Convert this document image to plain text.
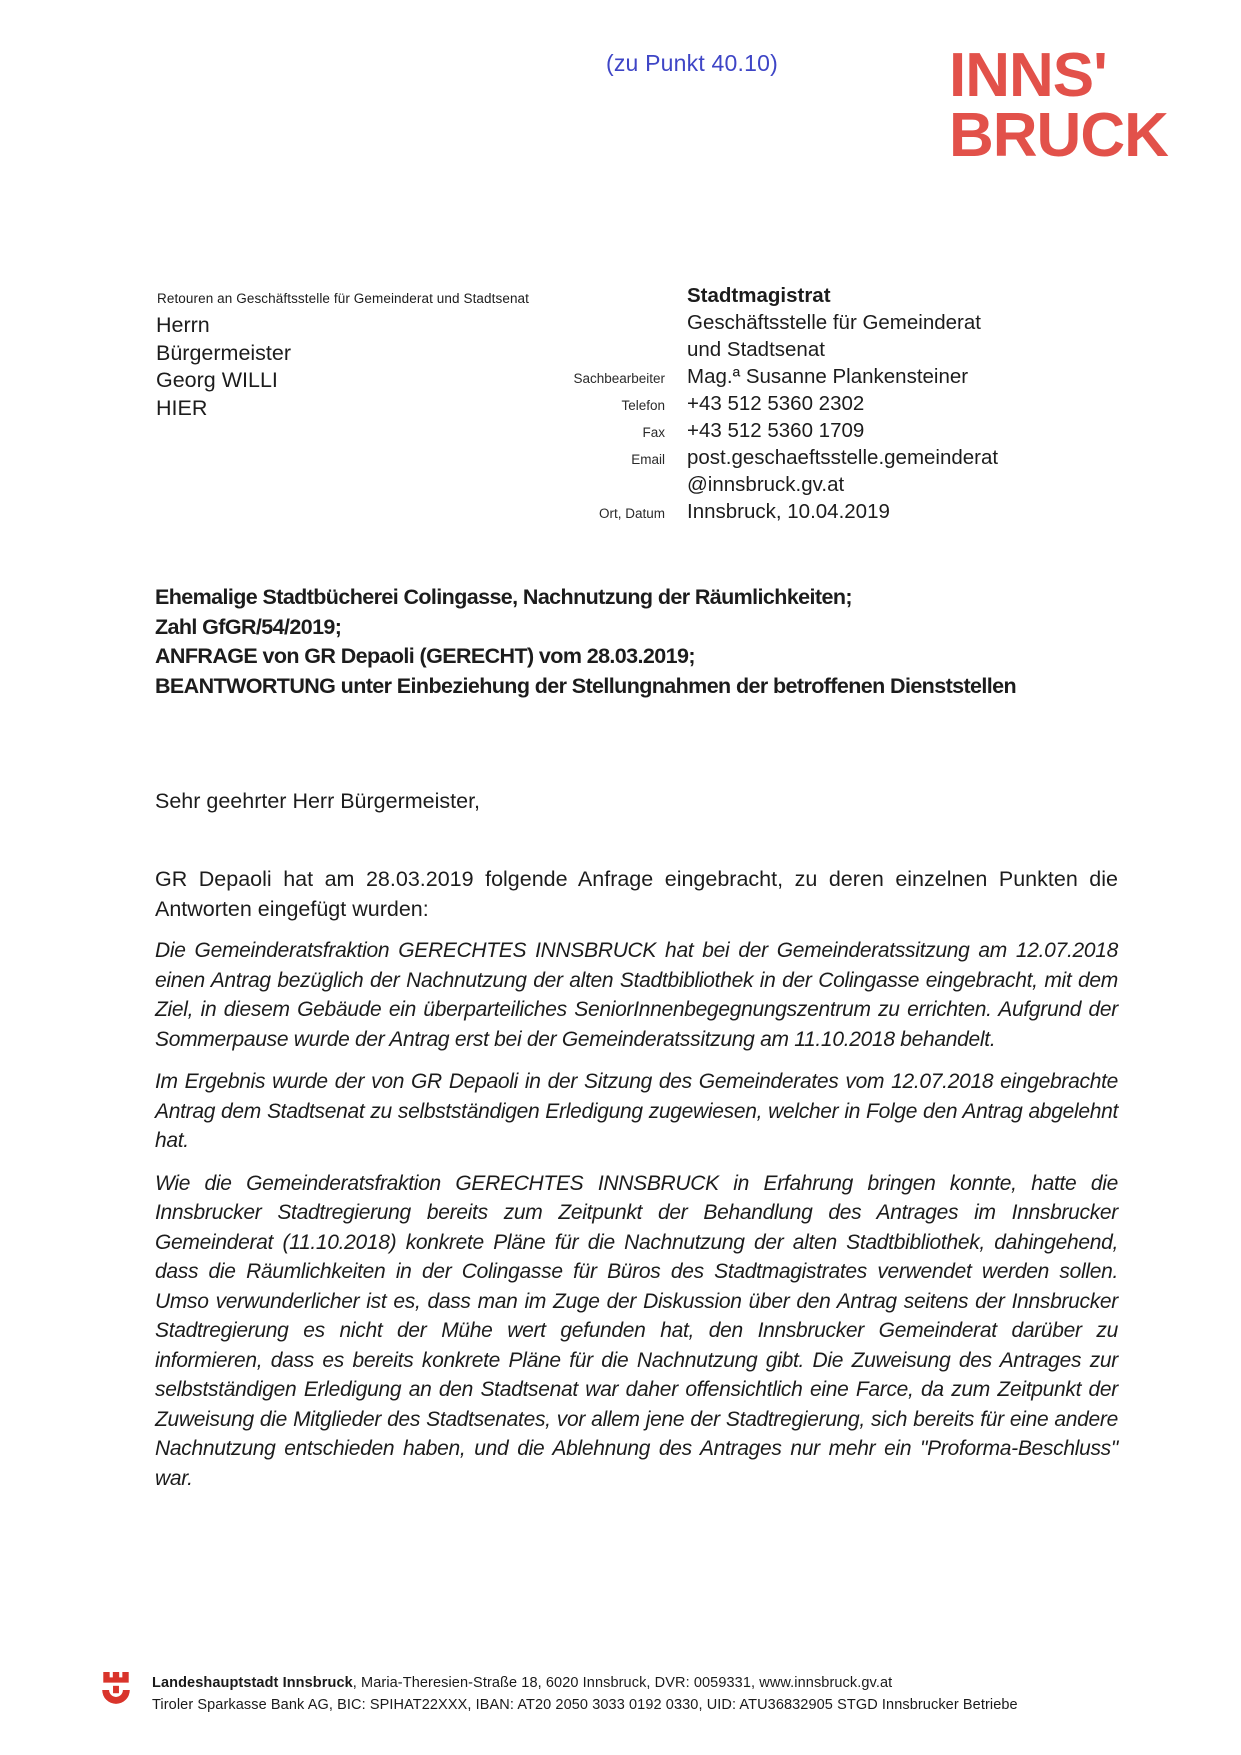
(zu Punkt 40.10)	INNS'
BRUCK
Retouren an Geschäftsstelle für Gemeinderat und Stadtsenat
Herrn
Bürgermeister
Georg WILLI
HIER
Stadtmagistrat
Geschäftsstelle für Gemeinderat
und Stadtsenat
Sachbearbeiter Mag.ª Susanne Plankensteiner
Telefon +43 512 5360 2302
Fax +43 512 5360 1709
Email post.geschaeftsstelle.gemeinderat
@innsbruck.gv.at
Ort, Datum Innsbruck, 10.04.2019
Ehemalige Stadtbücherei Colingasse, Nachnutzung der Räumlichkeiten;
Zahl GfGR/54/2019;
ANFRAGE von GR Depaoli (GERECHT) vom 28.03.2019;
BEANTWORTUNG unter Einbeziehung der Stellungnahmen der betroffenen Dienststellen
Sehr geehrter Herr Bürgermeister,
GR Depaoli hat am 28.03.2019 folgende Anfrage eingebracht, zu deren einzelnen Punkten die Antworten eingefügt wurden:

Die Gemeinderatsfraktion GERECHTES INNSBRUCK hat bei der Gemeinderatssitzung am 12.07.2018 einen Antrag bezüglich der Nachnutzung der alten Stadtbibliothek in der Colingasse eingebracht, mit dem Ziel, in diesem Gebäude ein überparteiliches SeniorInnenbegegnungszentrum zu errichten. Aufgrund der Sommerpause wurde der Antrag erst bei der Gemeinderatssitzung am 11.10.2018 behandelt.

Im Ergebnis wurde der von GR Depaoli in der Sitzung des Gemeinderates vom 12.07.2018 eingebrachte Antrag dem Stadtsenat zu selbstständigen Erledigung zugewiesen, welcher in Folge den Antrag abgelehnt hat.

Wie die Gemeinderatsfraktion GERECHTES INNSBRUCK in Erfahrung bringen konnte, hatte die Innsbrucker Stadtregierung bereits zum Zeitpunkt der Behandlung des Antrages im Innsbrucker Gemeinderat (11.10.2018) konkrete Pläne für die Nachnutzung der alten Stadtbibliothek, dahingehend, dass die Räumlichkeiten in der Colingasse für Büros des Stadtmagistrates verwendet werden sollen. Umso verwunderlicher ist es, dass man im Zuge der Diskussion über den Antrag seitens der Innsbrucker Stadtregierung es nicht der Mühe wert gefunden hat, den Innsbrucker Gemeinderat darüber zu informieren, dass es bereits konkrete Pläne für die Nachnutzung gibt. Die Zuweisung des Antrages zur selbstständigen Erledigung an den Stadtsenat war daher offensichtlich eine Farce, da zum Zeitpunkt der Zuweisung die Mitglieder des Stadtsenates, vor allem jene der Stadtregierung, sich bereits für eine andere Nachnutzung entschieden haben, und die Ablehnung des Antrages nur mehr ein "Proforma-Beschluss" war.

Landeshauptstadt Innsbruck, Maria-Theresien-Straße 18, 6020 Innsbruck, DVR: 0059331, www.innsbruck.gv.at
Tiroler Sparkasse Bank AG, BIC: SPIHAT22XXX, IBAN: AT20 2050 3033 0192 0330, UID: ATU36832905 STGD Innsbrucker Betriebe
